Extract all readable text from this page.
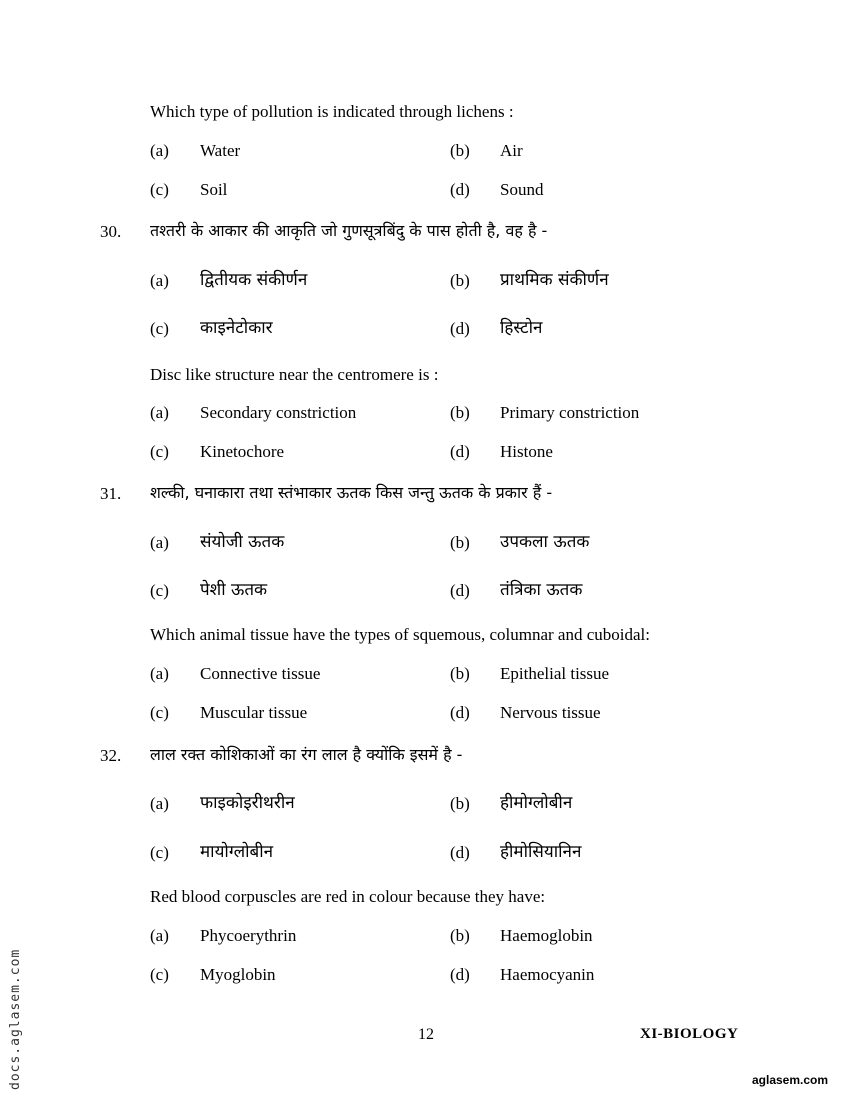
Which type of pollution is indicated through lichens :
(a) Water	(b) Air
(c) Soil	(d) Sound
30. तश्तरी के आकार की आकृति जो गुणसूत्रबिंदु के पास होती है, वह है -
(a) द्वितीयक संकीर्णन	(b) प्राथमिक संकीर्णन
(c) काइनेटोकार	(d) हिस्टोन
Disc like structure near the centromere is :
(a) Secondary constriction	(b) Primary constriction
(c) Kinetochore	(d) Histone
31. शल्की, घनाकारा तथा स्तंभाकार ऊतक किस जन्तु ऊतक के प्रकार हैं -
(a) संयोजी ऊतक	(b) उपकला ऊतक
(c) पेशी ऊतक	(d) तंत्रिका ऊतक
Which animal tissue have the types of squemous, columnar and cuboidal:
(a) Connective tissue	(b) Epithelial tissue
(c) Muscular tissue	(d) Nervous tissue
32. लाल रक्त कोशिकाओं का रंग लाल है क्योंकि इसमें है -
(a) फाइकोइरीथरीन	(b) हीमोग्लोबीन
(c) मायोग्लोबीन	(d) हीमोसियानिन
Red blood corpuscles are red in colour because they have:
(a) Phycoerythrin	(b) Haemoglobin
(c) Myoglobin	(d) Haemocyanin
12	XI-BIOLOGY
docs.aglasem.com	aglasem.com
